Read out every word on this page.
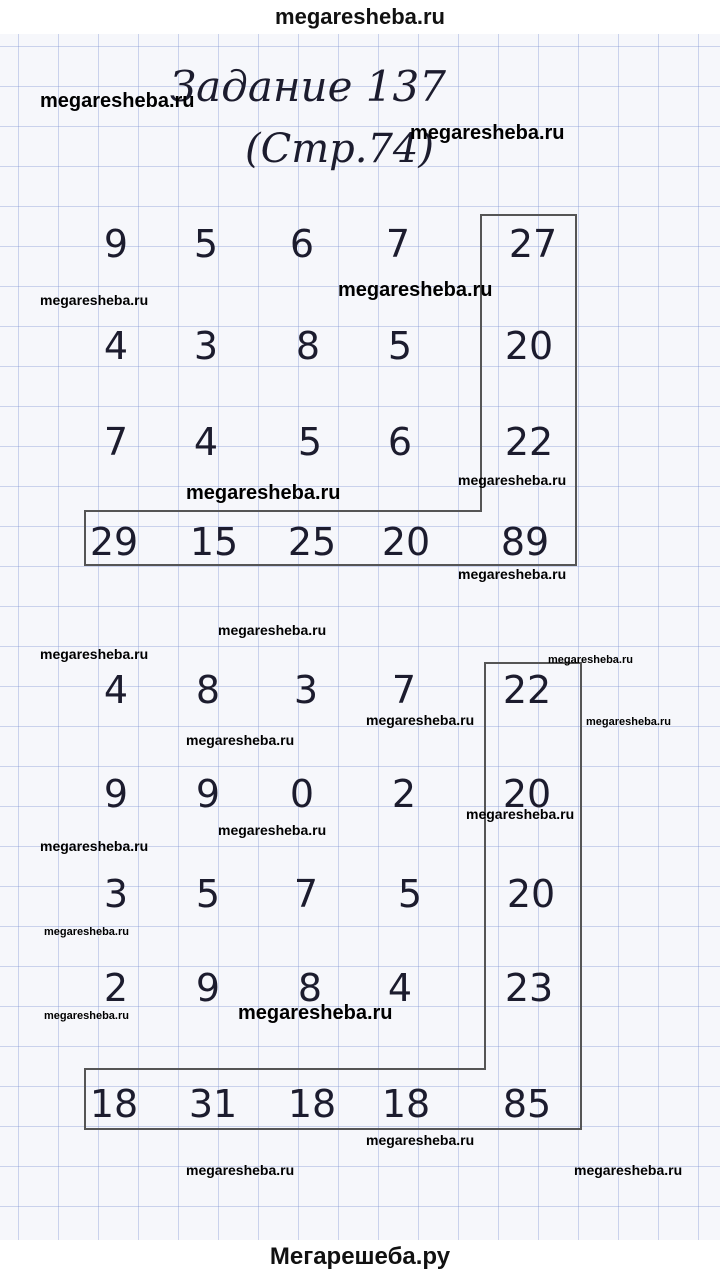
megaresheba.ru
Задание 137
(Стр.74)
9	5	6	7	27
4	3	8	5	20
7	4	5	6	22
29 15 25 20 89
4	8	3	7	22
9	9	0	2	20
3	5	7	5	20
2	9	8	4	23
18 31 18 18	85
megaresheba.ru
megaresheba.ru
megaresheba.ru	megaresheba.ru
megaresheba.ru
megaresheba.ru
megaresheba.ru
megaresheba.ru
megaresheba.ru	megaresheba.ru
megaresheba.ru	megaresheba.ru
megaresheba.ru
megaresheba.ru
megaresheba.ru
megaresheba.ru
megaresheba.ru
megaresheba.ru	megaresheba.ru
megaresheba.ru
megaresheba.ru	megaresheba.ru
Мегарешеба.ру
